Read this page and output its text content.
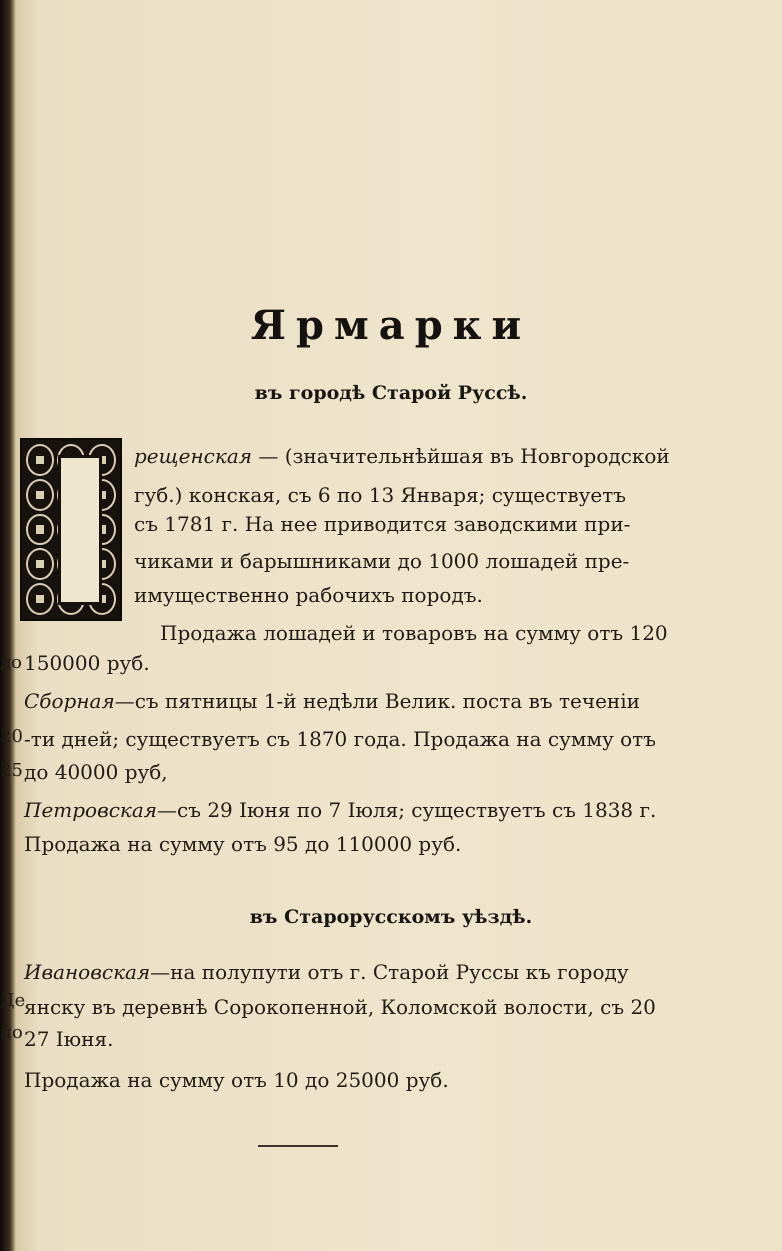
Ярмарки
въ городѣ Старой Руссѣ.
рещенская — (значительнѣйшая въ Новгородской
губ.) конская, съ 6 по 13 Января; существуетъ
съ 1781 г. На нее приводится заводскими при-
чиками и барышниками до 1000 лошадей пре-
имущественно рабочихъ породъ.
Продажа лошадей и товаровъ на сумму отъ 120
150000 руб.
Сборная—съ пятницы 1-й недѣли Велик. поста въ теченіи
-ти дней; существуетъ съ 1870 года. Продажа на сумму отъ
до 40000 руб,
Петровская—съ 29 Іюня по 7 Іюля; существуетъ съ 1838 г.
Продажа на сумму отъ 95 до 110000 руб.
до
20
25
въ Старорусскомъ уѣздѣ.
Ивановская—на полупути отъ г. Старой Руссы къ городу
янску въ деревнѣ Сорокопенной, Коломской волости, съ 20
27 Іюня.
Продажа на сумму отъ 10 до 25000 руб.
Де
по
